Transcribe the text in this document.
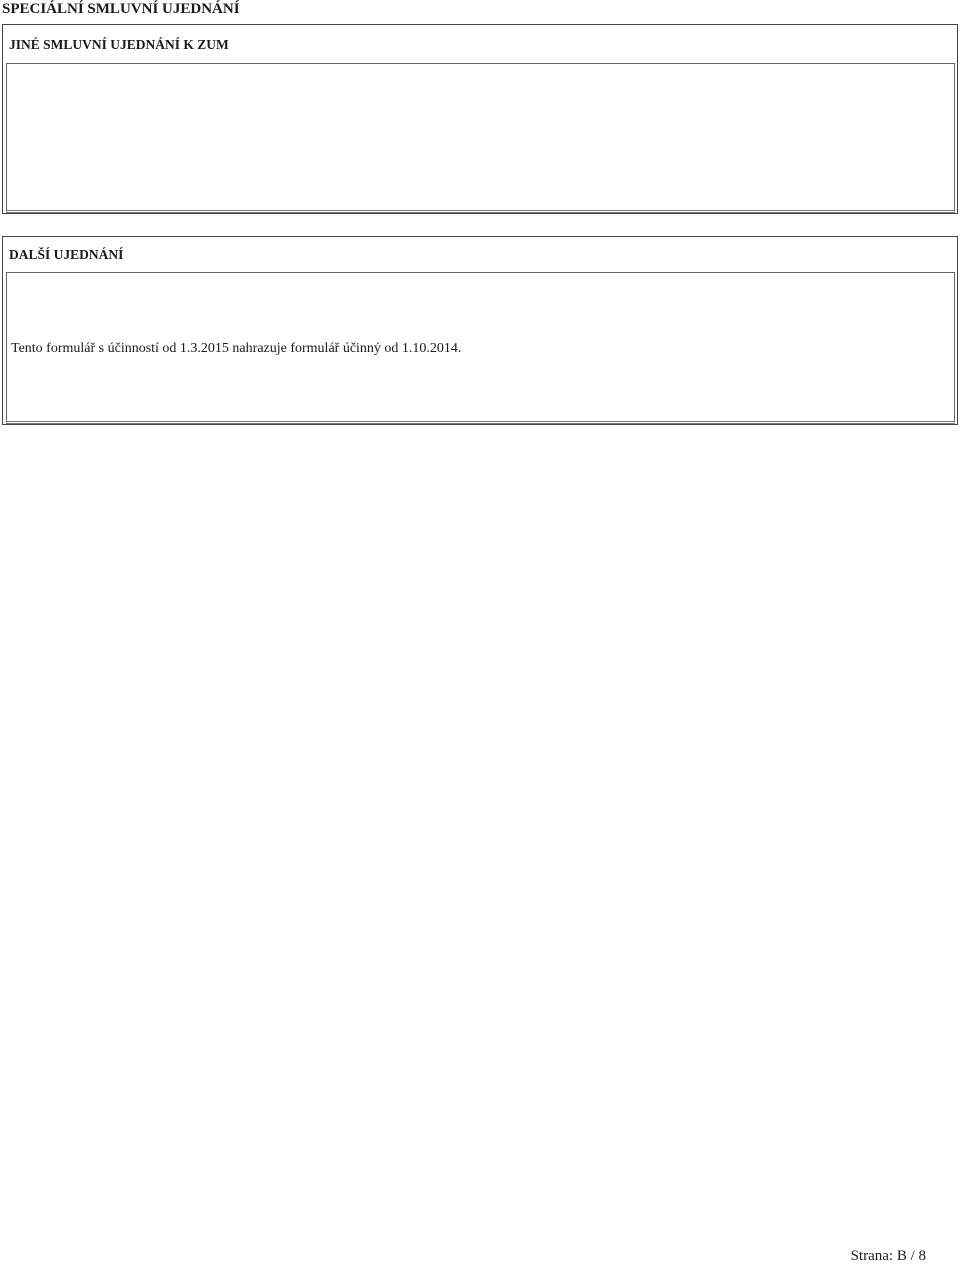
SPECIÁLNÍ SMLUVNÍ UJEDNÁNÍ
JINÉ SMLUVNÍ UJEDNÁNÍ K ZUM
DALŠÍ UJEDNÁNÍ
Tento formulář s účinností od 1.3.2015 nahrazuje formulář účinný od 1.10.2014.
Strana: B / 8
